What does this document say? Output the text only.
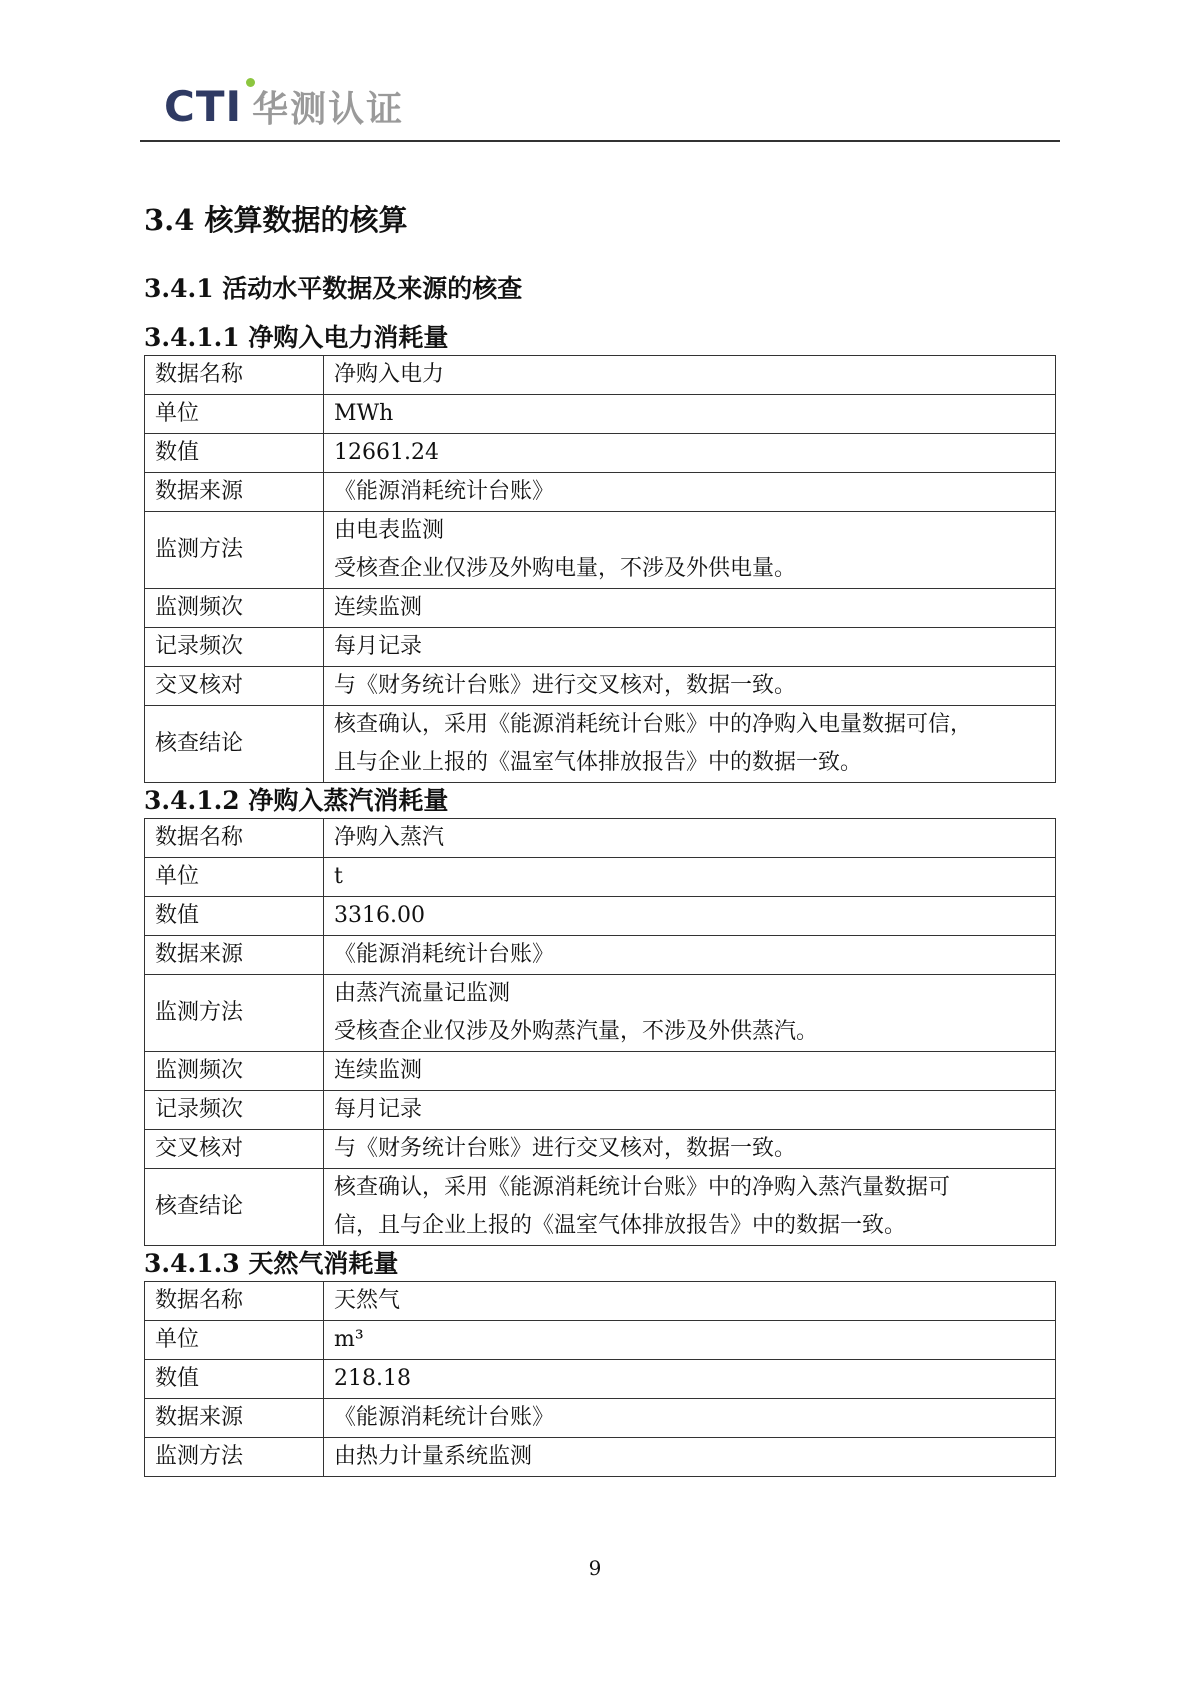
CTI 华测认证
3.4 核算数据的核算
3.4.1 活动水平数据及来源的核查
3.4.1.1 净购入电力消耗量
数据名称	净购入电力

单位	MWh

数值	12661.24

数据来源	《能源消耗统计台账》

监测方法	由电表监测
受核查企业仅涉及外购电量，不涉及外供电量。

监测频次	连续监测

记录频次	每月记录

交叉核对	与《财务统计台账》进行交叉核对，数据一致。

核查结论	核查确认，采用《能源消耗统计台账》中的净购入电量数据可信，
且与企业上报的《温室气体排放报告》中的数据一致。
3.4.1.2 净购入蒸汽消耗量
数据名称	净购入蒸汽

单位	t

数值	3316.00

数据来源	《能源消耗统计台账》

监测方法	由蒸汽流量记监测
受核查企业仅涉及外购蒸汽量，不涉及外供蒸汽。

监测频次	连续监测

记录频次	每月记录

交叉核对	与《财务统计台账》进行交叉核对，数据一致。

核查结论	核查确认，采用《能源消耗统计台账》中的净购入蒸汽量数据可
信，且与企业上报的《温室气体排放报告》中的数据一致。
3.4.1.3 天然气消耗量
数据名称	天然气

单位	m³

数值	218.18

数据来源	《能源消耗统计台账》

监测方法	由热力计量系统监测
9
